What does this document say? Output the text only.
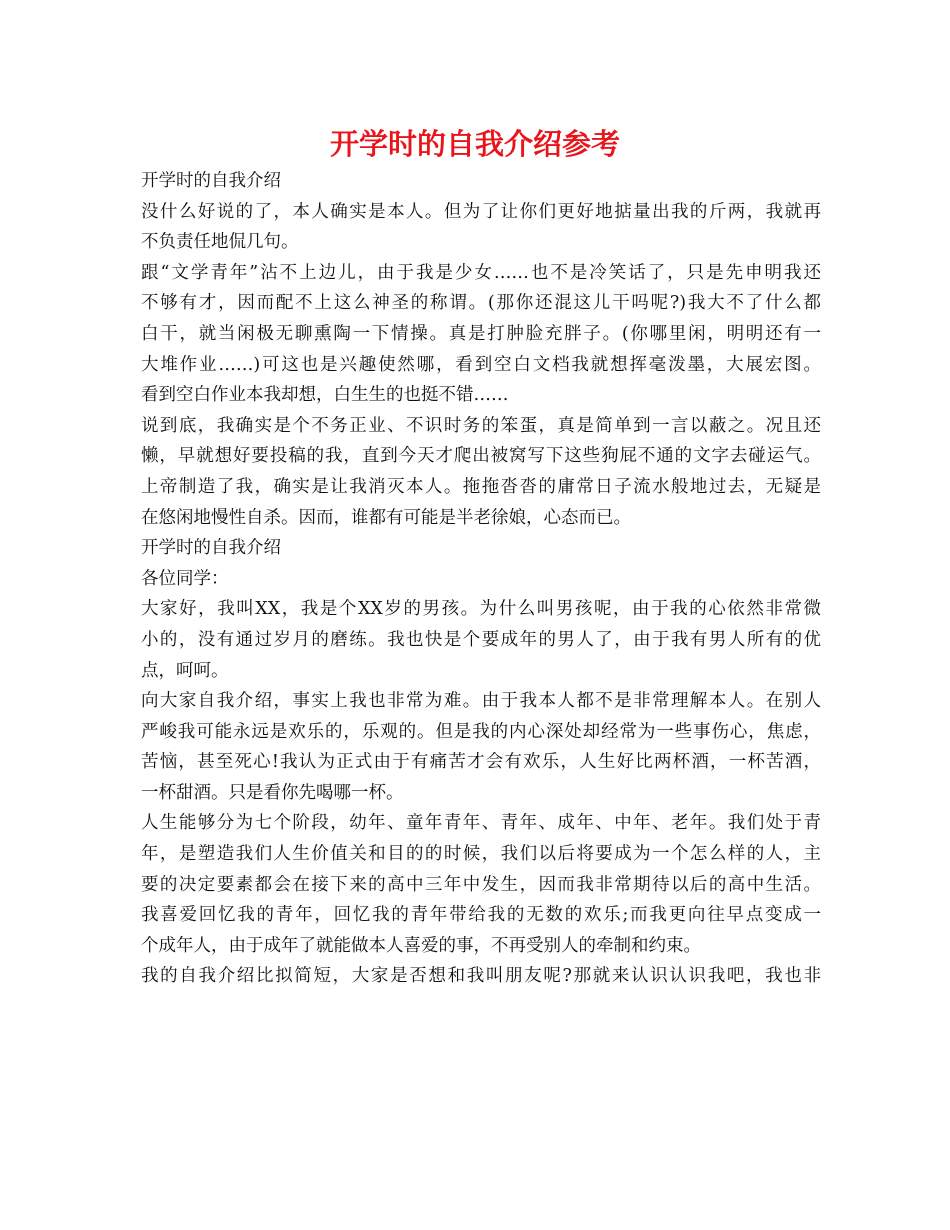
开学时的自我介绍参考
开学时的自我介绍
没什么好说的了，本人确实是本人。但为了让你们更好地掂量出我的斤两，我就再
不负责任地侃几句。
跟“文学青年”沾不上边儿，由于我是少女……也不是冷笑话了，只是先申明我还
不够有才，因而配不上这么神圣的称谓。(那你还混这儿干吗呢?)我大不了什么都
白干，就当闲极无聊熏陶一下情操。真是打肿脸充胖子。(你哪里闲，明明还有一
大堆作业……)可这也是兴趣使然哪，看到空白文档我就想挥毫泼墨，大展宏图。
看到空白作业本我却想，白生生的也挺不错……
说到底，我确实是个不务正业、不识时务的笨蛋，真是简单到一言以蔽之。况且还
懒，早就想好要投稿的我，直到今天才爬出被窝写下这些狗屁不通的文字去碰运气。
上帝制造了我，确实是让我消灭本人。拖拖沓沓的庸常日子流水般地过去，无疑是
在悠闲地慢性自杀。因而，谁都有可能是半老徐娘，心态而已。
开学时的自我介绍
各位同学：
大家好，我叫XX，我是个XX岁的男孩。为什么叫男孩呢，由于我的心依然非常微
小的，没有通过岁月的磨练。我也快是个要成年的男人了，由于我有男人所有的优
点，呵呵。
向大家自我介绍，事实上我也非常为难。由于我本人都不是非常理解本人。在别人
严峻我可能永远是欢乐的，乐观的。但是我的内心深处却经常为一些事伤心，焦虑，
苦恼，甚至死心!我认为正式由于有痛苦才会有欢乐，人生好比两杯酒，一杯苦酒，
一杯甜酒。只是看你先喝哪一杯。
人生能够分为七个阶段，幼年、童年青年、青年、成年、中年、老年。我们处于青
年，是塑造我们人生价值关和目的的时候，我们以后将要成为一个怎么样的人，主
要的决定要素都会在接下来的高中三年中发生，因而我非常期待以后的高中生活。
我喜爱回忆我的青年，回忆我的青年带给我的无数的欢乐;而我更向往早点变成一
个成年人，由于成年了就能做本人喜爱的事，不再受别人的牵制和约束。
我的自我介绍比拟简短，大家是否想和我叫朋友呢?那就来认识认识我吧，我也非
